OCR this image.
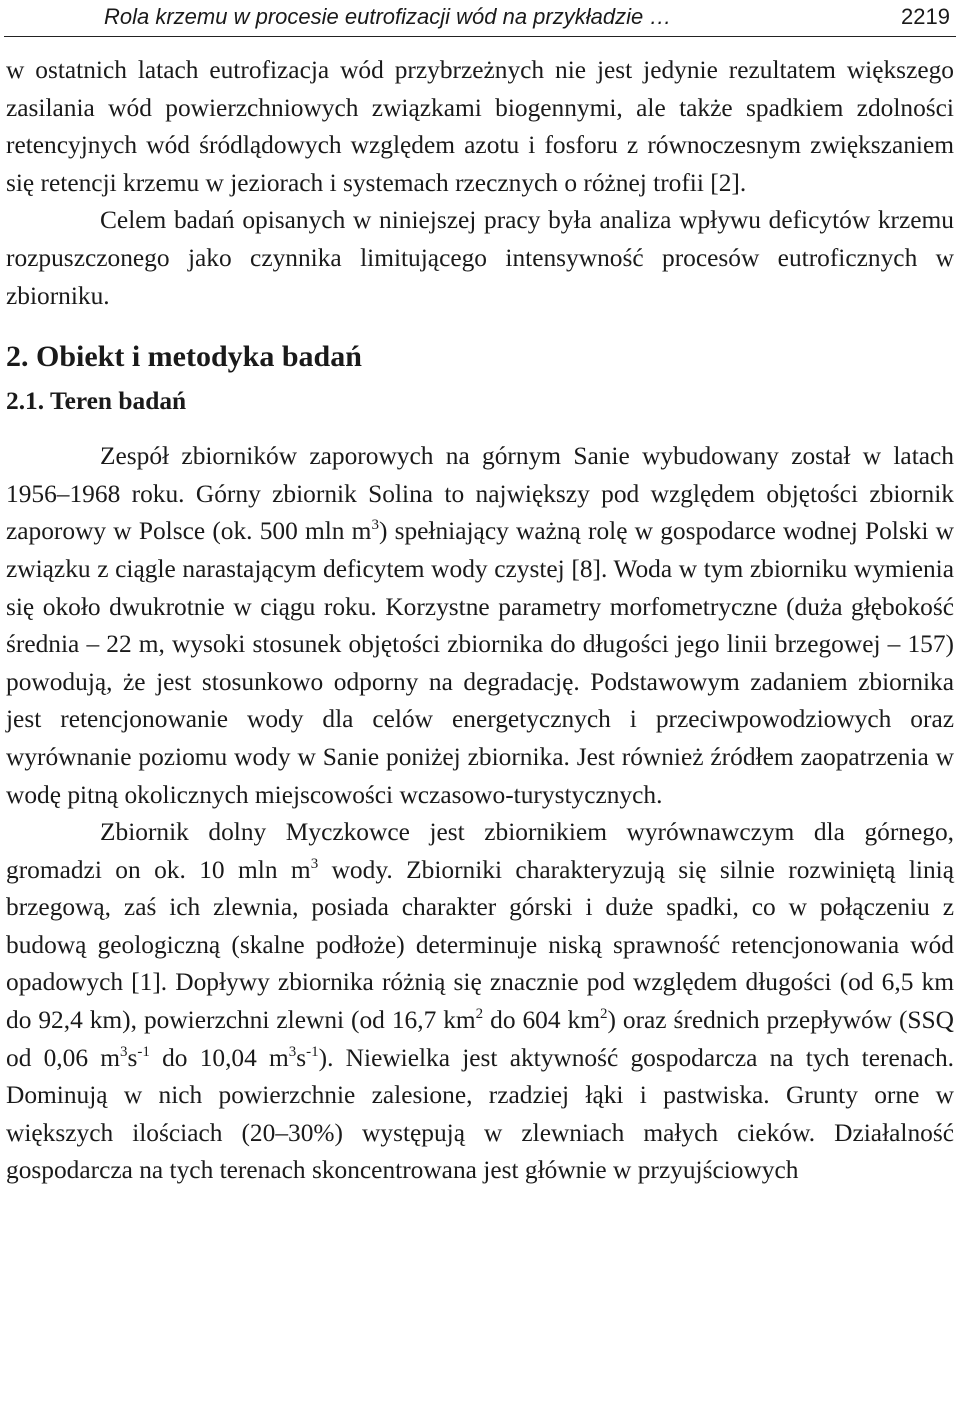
Rola krzemu w procesie eutrofizacji wód na przykładzie …	2219

w ostatnich latach eutrofizacja wód przybrzeżnych nie jest jedynie rezultatem większego zasilania wód powierzchniowych związkami biogennymi, ale także spadkiem zdolności retencyjnych wód śródlądowych względem azotu i fosforu z równoczesnym zwiększaniem się retencji krzemu w jeziorach i systemach rzecznych o różnej trofii [2].

Celem badań opisanych w niniejszej pracy była analiza wpływu deficytów krzemu rozpuszczonego jako czynnika limitującego intensywność procesów eutroficznych w zbiorniku.

2. Obiekt i metodyka badań
2.1. Teren badań

Zespół zbiorników zaporowych na górnym Sanie wybudowany został w latach 1956–1968 roku. Górny zbiornik Solina to największy pod względem objętości zbiornik zaporowy w Polsce (ok. 500 mln $m^3$) spełniający ważną rolę w gospodarce wodnej Polski w związku z ciągle narastającym deficytem wody czystej [8]. Woda w tym zbiorniku wymienia się około dwukrotnie w ciągu roku. Korzystne parametry morfometryczne (duża głębokość średnia – 22 m, wysoki stosunek objętości zbiornika do długości jego linii brzegowej – 157) powodują, że jest stosunkowo odporny na degradację. Podstawowym zadaniem zbiornika jest retencjonowanie wody dla celów energetycznych i przeciwpowodziowych oraz wyrównanie poziomu wody w Sanie poniżej zbiornika. Jest również źródłem zaopatrzenia w wodę pitną okolicznych miejscowości wczasowo-turystycznych.

Zbiornik dolny Myczkowce jest zbiornikiem wyrównawczym dla górnego, gromadzi on ok. 10 mln $m^3$ wody. Zbiorniki charakteryzują się silnie rozwiniętą linią brzegową, zaś ich zlewnia, posiada charakter górski i duże spadki, co w połączeniu z budową geologiczną (skalne podłoże) determinuje niską sprawność retencjonowania wód opadowych [1]. Dopływy zbiornika różnią się znacznie pod względem długości (od 6,5 km do 92,4 km), powierzchni zlewni (od 16,7 $km^2$ do 604 $km^2$) oraz średnich przepływów (SSQ od 0,06 $m^3s^{-1}$ do 10,04 $m^3s^{-1}$). Niewielka jest aktywność gospodarcza na tych terenach. Dominują w nich powierzchnie zalesione, rzadziej łąki i pastwiska. Grunty orne w większych ilościach (20–30%) występują w zlewniach małych cieków. Działalność gospodarcza na tych terenach skoncentrowana jest głównie w przyujściowych
